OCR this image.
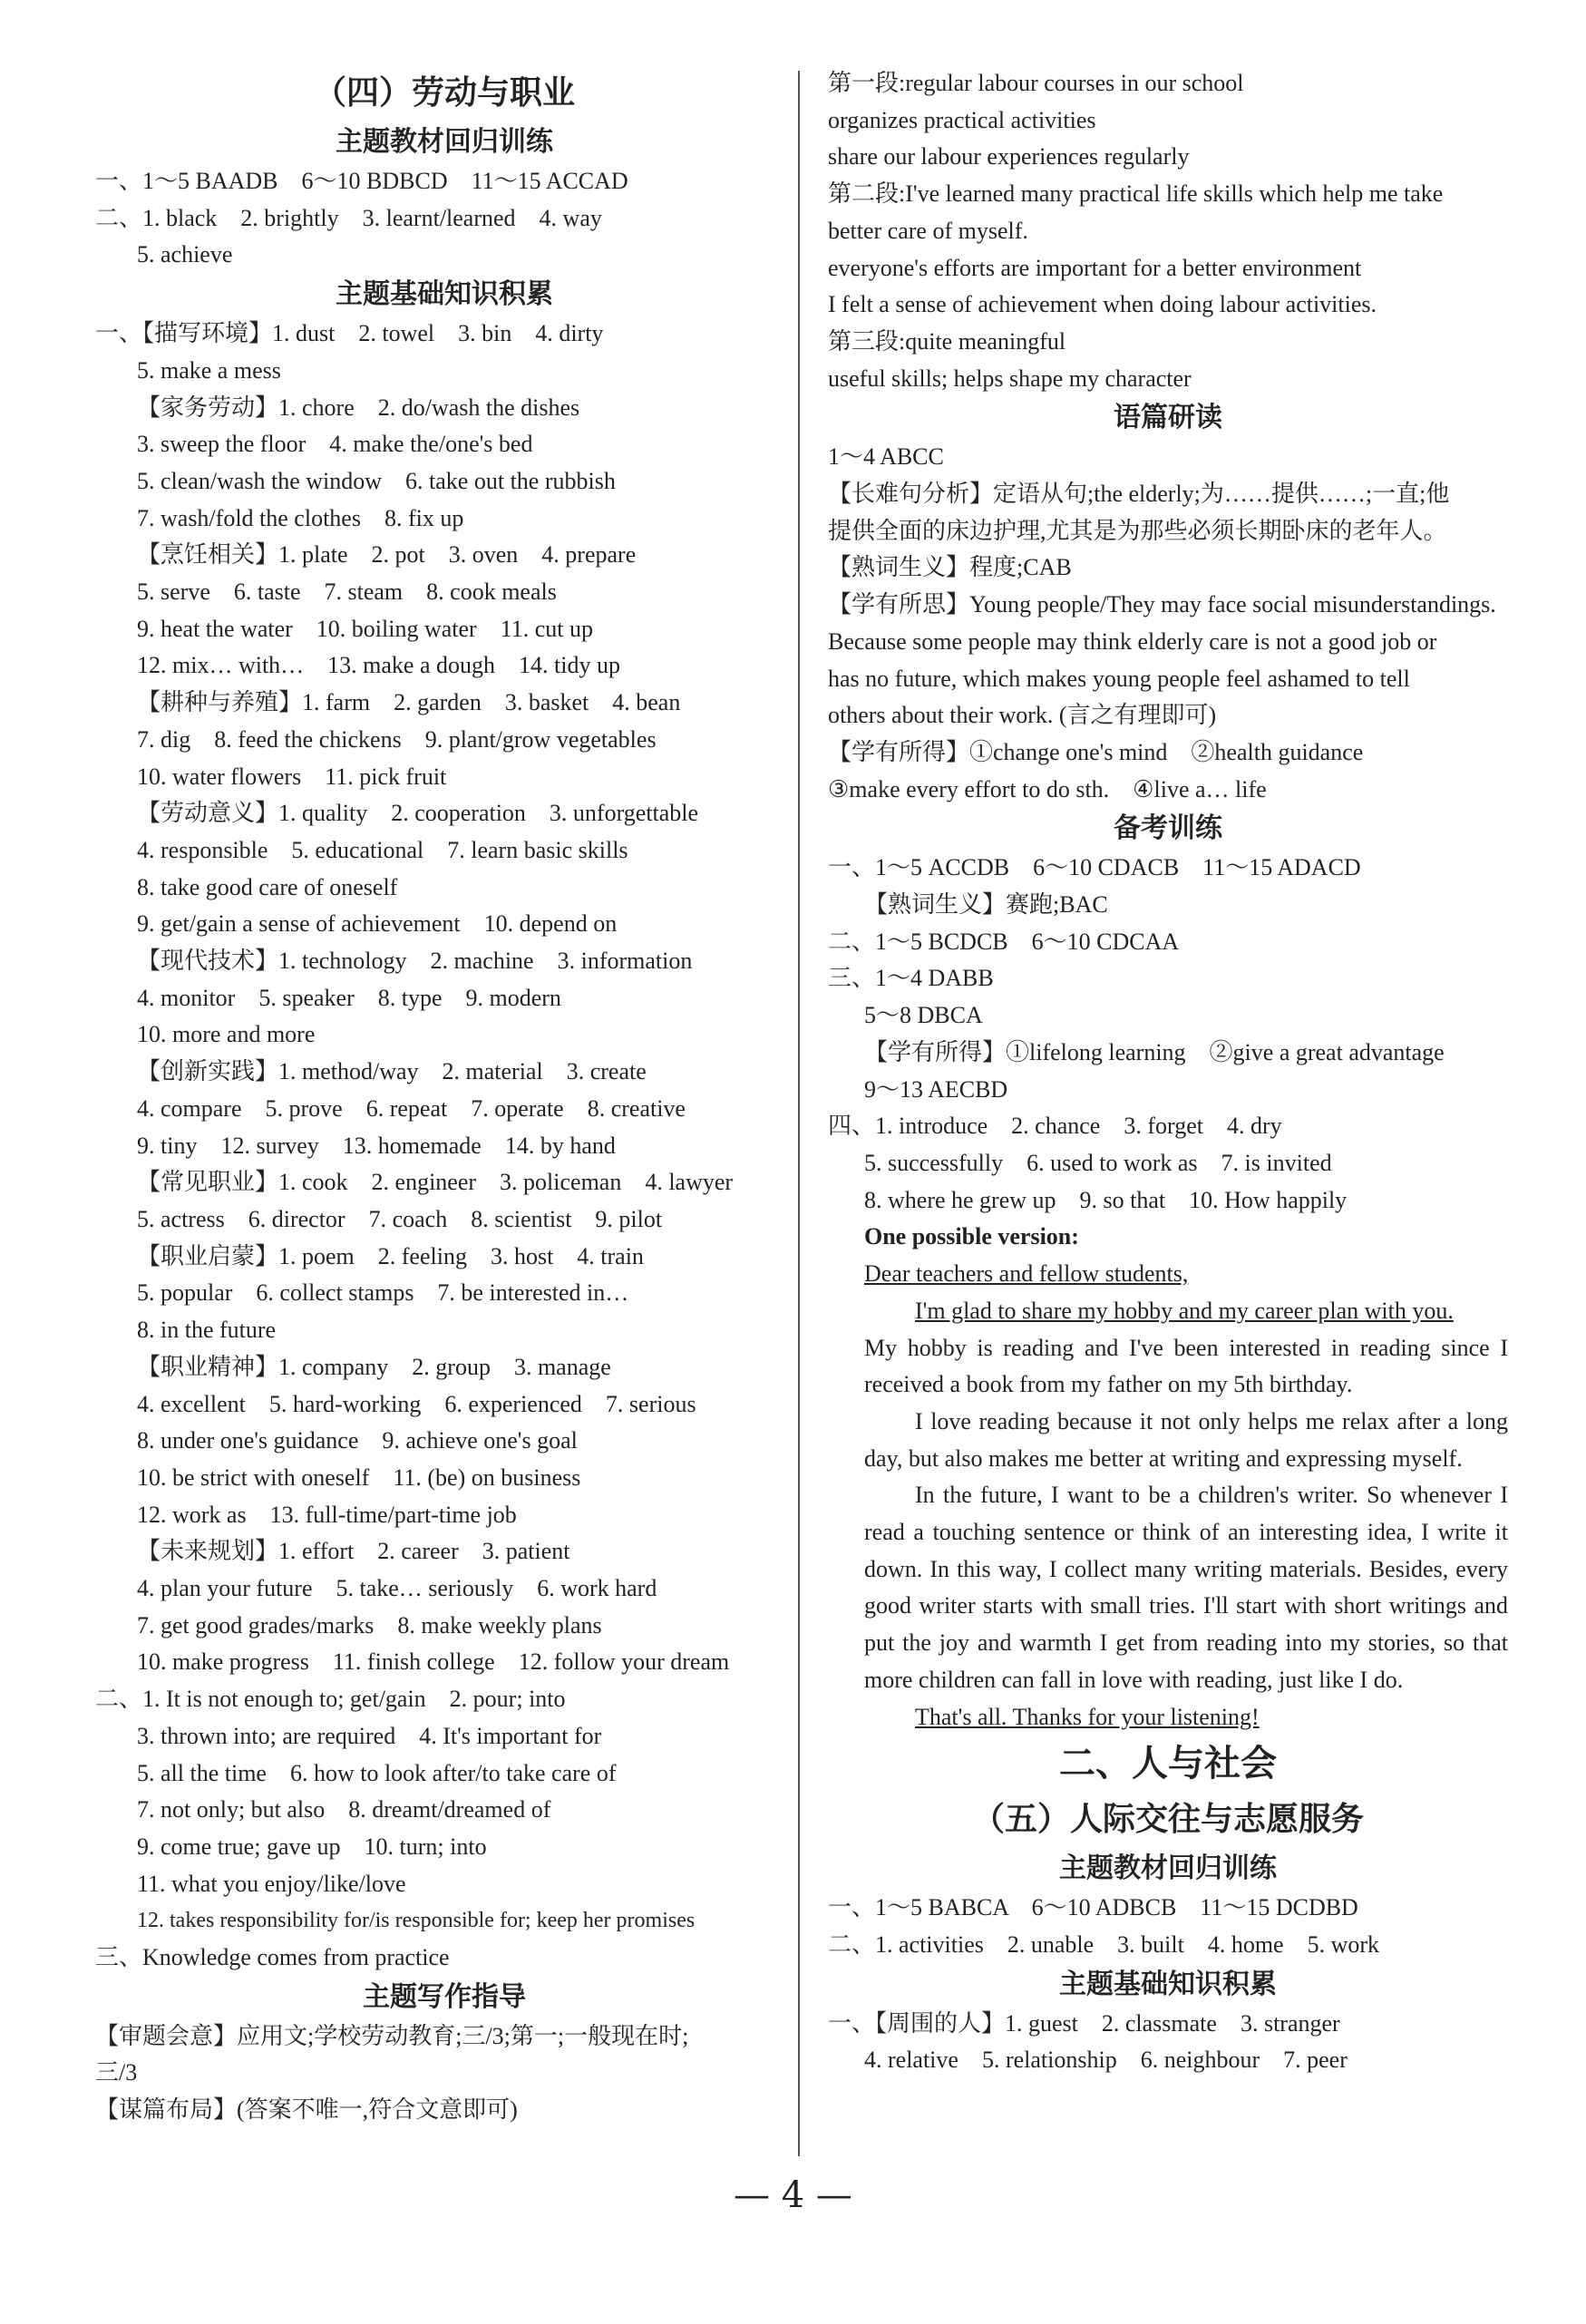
（四）劳动与职业
主题教材回归训练
一、1～5 BAADB　6～10 BDBCD　11～15 ACCAD
二、1. black　2. brightly　3. learnt/learned　4. way
5. achieve
主题基础知识积累
一、【描写环境】1. dust　2. towel　3. bin　4. dirty
5. make a mess
【家务劳动】1. chore　2. do/wash the dishes
3. sweep the floor　4. make the/one's bed
5. clean/wash the window　6. take out the rubbish
7. wash/fold the clothes　8. fix up
【烹饪相关】1. plate　2. pot　3. oven　4. prepare
5. serve　6. taste　7. steam　8. cook meals
9. heat the water　10. boiling water　11. cut up
12. mix… with…　13. make a dough　14. tidy up
【耕种与养殖】1. farm　2. garden　3. basket　4. bean
7. dig　8. feed the chickens　9. plant/grow vegetables
10. water flowers　11. pick fruit
【劳动意义】1. quality　2. cooperation　3. unforgettable
4. responsible　5. educational　7. learn basic skills
8. take good care of oneself
9. get/gain a sense of achievement　10. depend on
【现代技术】1. technology　2. machine　3. information
4. monitor　5. speaker　8. type　9. modern
10. more and more
【创新实践】1. method/way　2. material　3. create
4. compare　5. prove　6. repeat　7. operate　8. creative
9. tiny　12. survey　13. homemade　14. by hand
【常见职业】1. cook　2. engineer　3. policeman　4. lawyer
5. actress　6. director　7. coach　8. scientist　9. pilot
【职业启蒙】1. poem　2. feeling　3. host　4. train
5. popular　6. collect stamps　7. be interested in…
8. in the future
【职业精神】1. company　2. group　3. manage
4. excellent　5. hard-working　6. experienced　7. serious
8. under one's guidance　9. achieve one's goal
10. be strict with oneself　11. (be) on business
12. work as　13. full-time/part-time job
【未来规划】1. effort　2. career　3. patient
4. plan your future　5. take… seriously　6. work hard
7. get good grades/marks　8. make weekly plans
10. make progress　11. finish college　12. follow your dream
二、1. It is not enough to; get/gain　2. pour; into
3. thrown into; are required　4. It's important for
5. all the time　6. how to look after/to take care of
7. not only; but also　8. dreamt/dreamed of
9. come true; gave up　10. turn; into
11. what you enjoy/like/love
12. takes responsibility for/is responsible for; keep her promises
三、Knowledge comes from practice
主题写作指导
【审题会意】应用文;学校劳动教育;三/3;第一;一般现在时;
三/3
【谋篇布局】(答案不唯一,符合文意即可)
第一段:regular labour courses in our school
organizes practical activities
share our labour experiences regularly
第二段:I've learned many practical life skills which help me take
better care of myself.
everyone's efforts are important for a better environment
I felt a sense of achievement when doing labour activities.
第三段:quite meaningful
useful skills; helps shape my character
语篇研读
1～4 ABCC
【长难句分析】定语从句;the elderly;为……提供……;一直;他
提供全面的床边护理,尤其是为那些必须长期卧床的老年人。
【熟词生义】程度;CAB
【学有所思】Young people/They may face social misunderstandings.
Because some people may think elderly care is not a good job or
has no future, which makes young people feel ashamed to tell
others about their work. (言之有理即可)
【学有所得】①change one's mind　②health guidance
③make every effort to do sth.　④live a… life
备考训练
一、1～5 ACCDB　6～10 CDACB　11～15 ADACD
【熟词生义】赛跑;BAC
二、1～5 BCDCB　6～10 CDCAA
三、1～4 DABB
5～8 DBCA
【学有所得】①lifelong learning　②give a great advantage
9～13 AECBD
四、1. introduce　2. chance　3. forget　4. dry
5. successfully　6. used to work as　7. is invited
8. where he grew up　9. so that　10. How happily
One possible version:
Dear teachers and fellow students,
I'm glad to share my hobby and my career plan with you.
My hobby is reading and I've been interested in reading since I received a book from my father on my 5th birthday.
I love reading because it not only helps me relax after a long day, but also makes me better at writing and expressing myself.
In the future, I want to be a children's writer. So whenever I read a touching sentence or think of an interesting idea, I write it down. In this way, I collect many writing materials. Besides, every good writer starts with small tries. I'll start with short writings and put the joy and warmth I get from reading into my stories, so that more children can fall in love with reading, just like I do.
That's all. Thanks for your listening!
二、人与社会
（五）人际交往与志愿服务
主题教材回归训练
一、1～5 BABCA　6～10 ADBCB　11～15 DCDBD
二、1. activities　2. unable　3. built　4. home　5. work
主题基础知识积累
一、【周围的人】1. guest　2. classmate　3. stranger
4. relative　5. relationship　6. neighbour　7. peer
— 4 —
